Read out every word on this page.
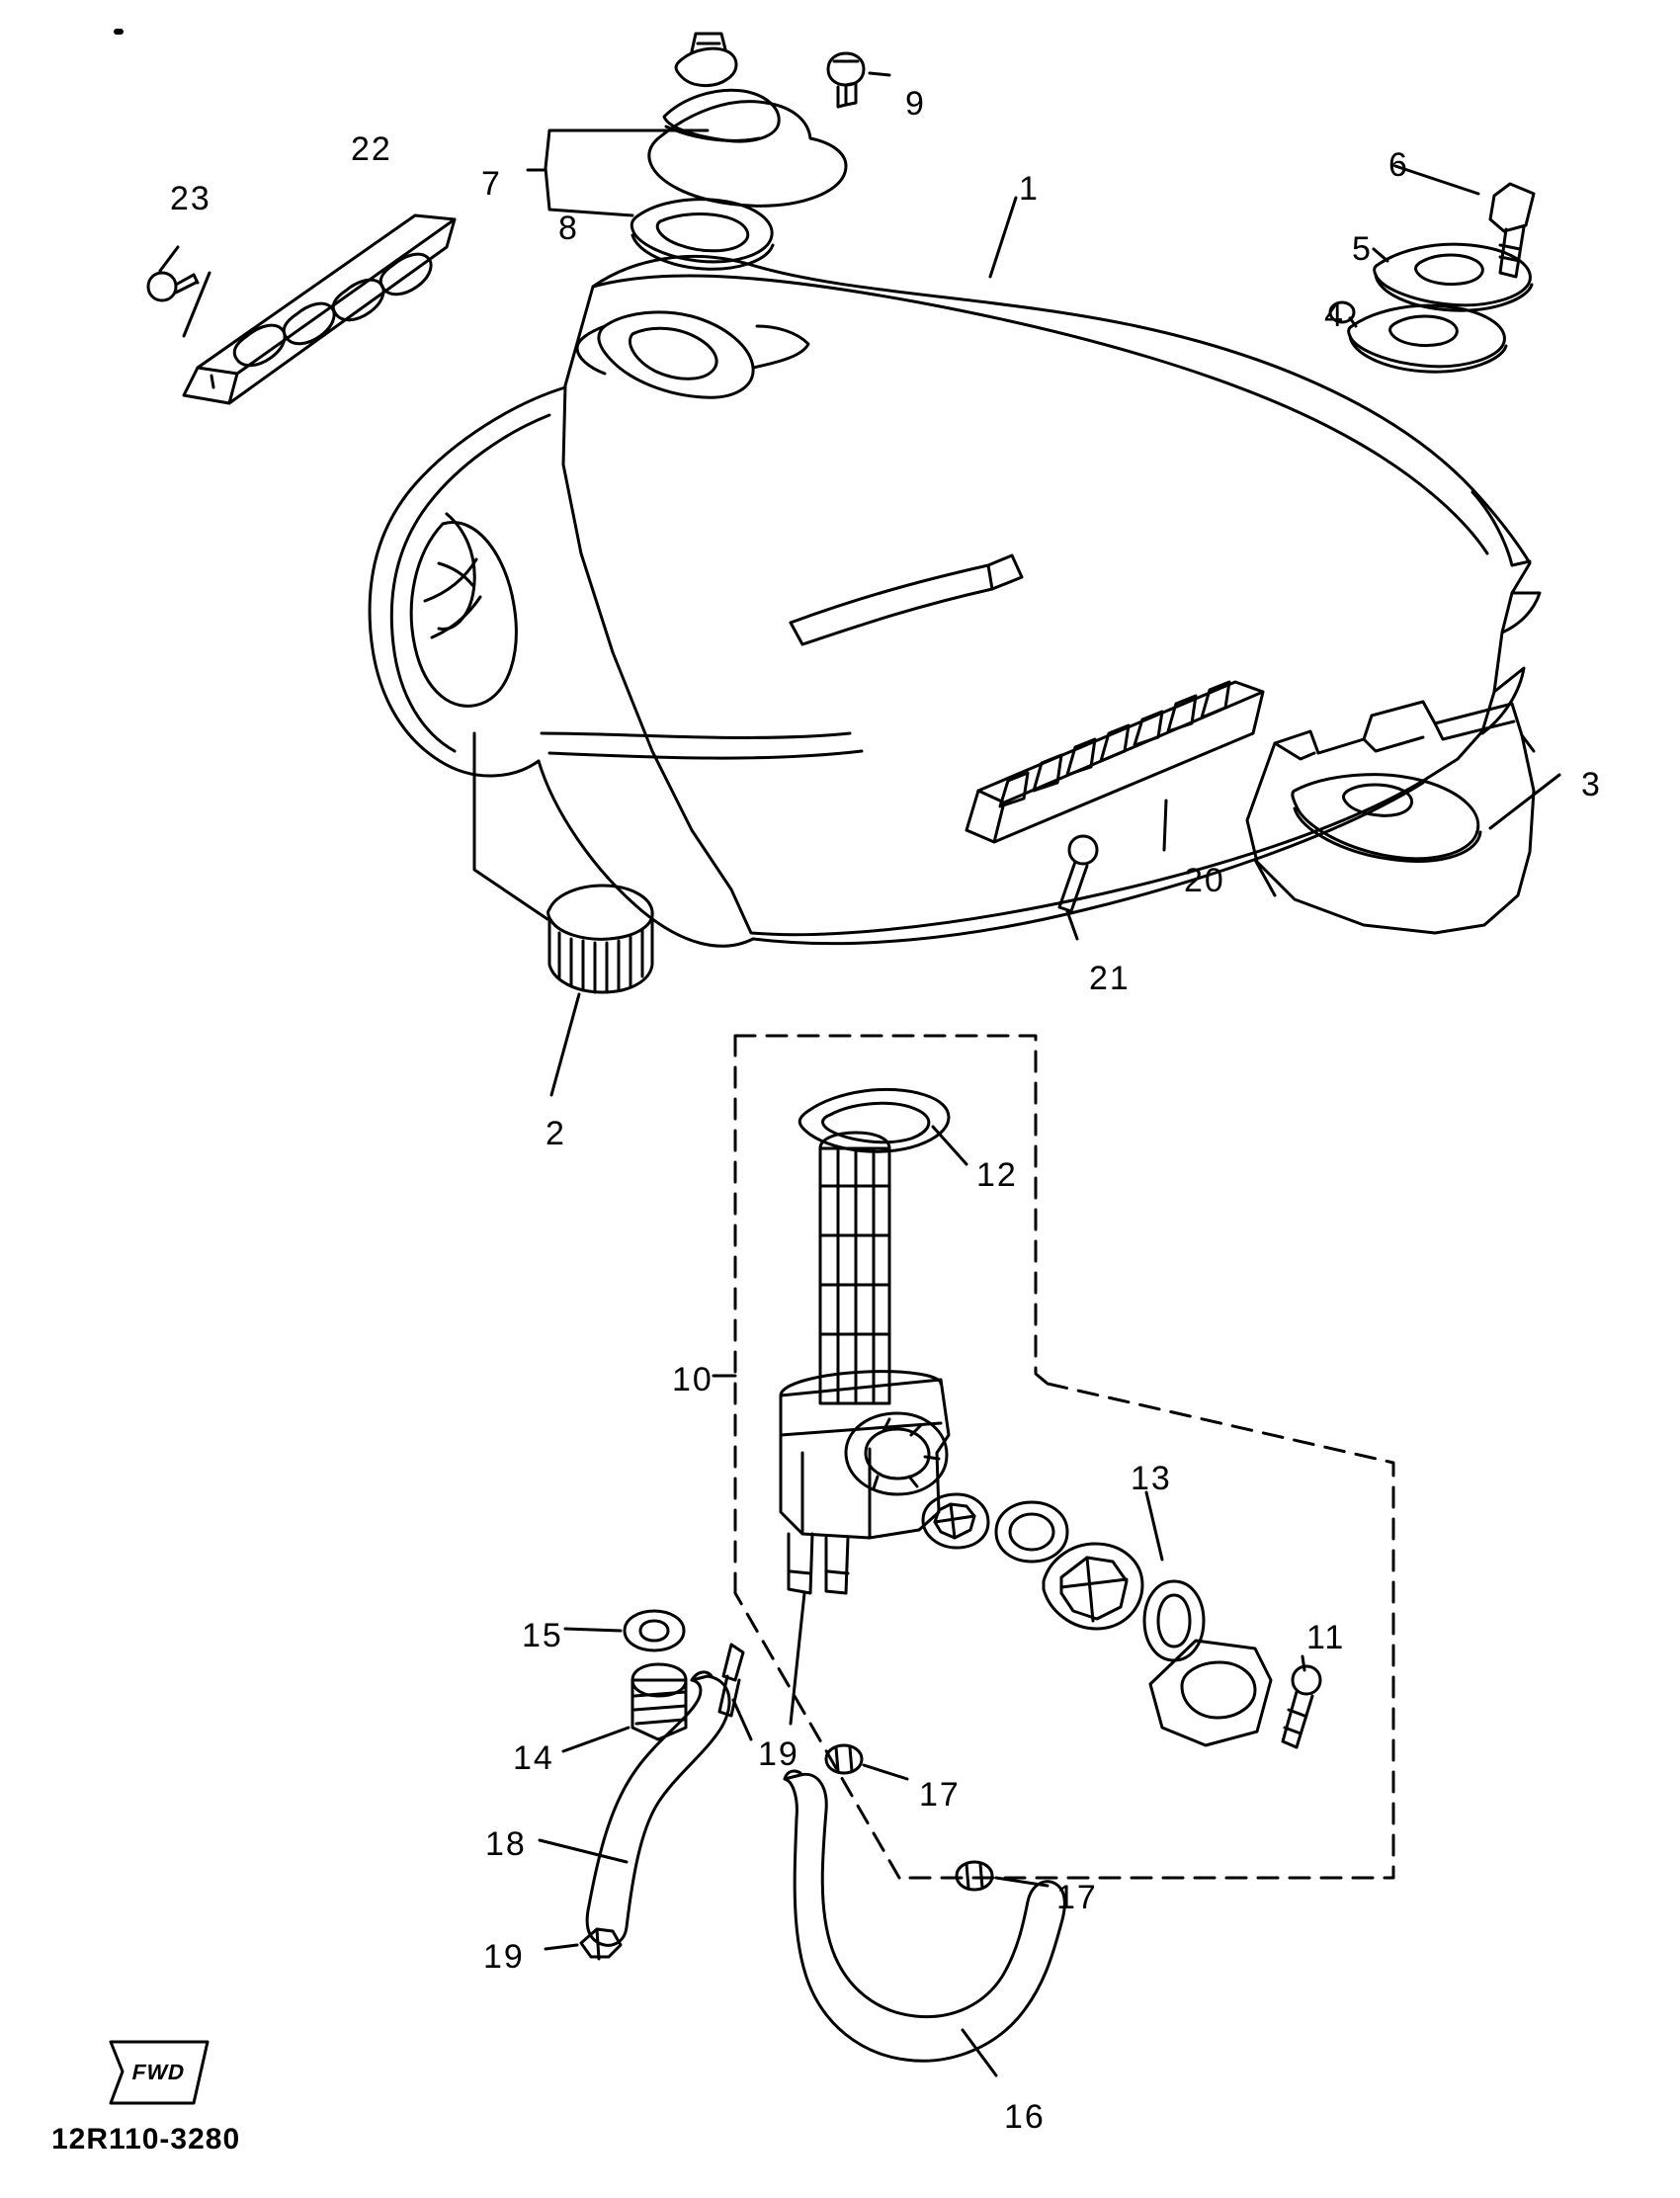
1
2
3
4
5
6
7
8
9
10
11
12
13
14
15
16
17
17
18
19
19
20
21
22
23
FWD
12R110-3280
